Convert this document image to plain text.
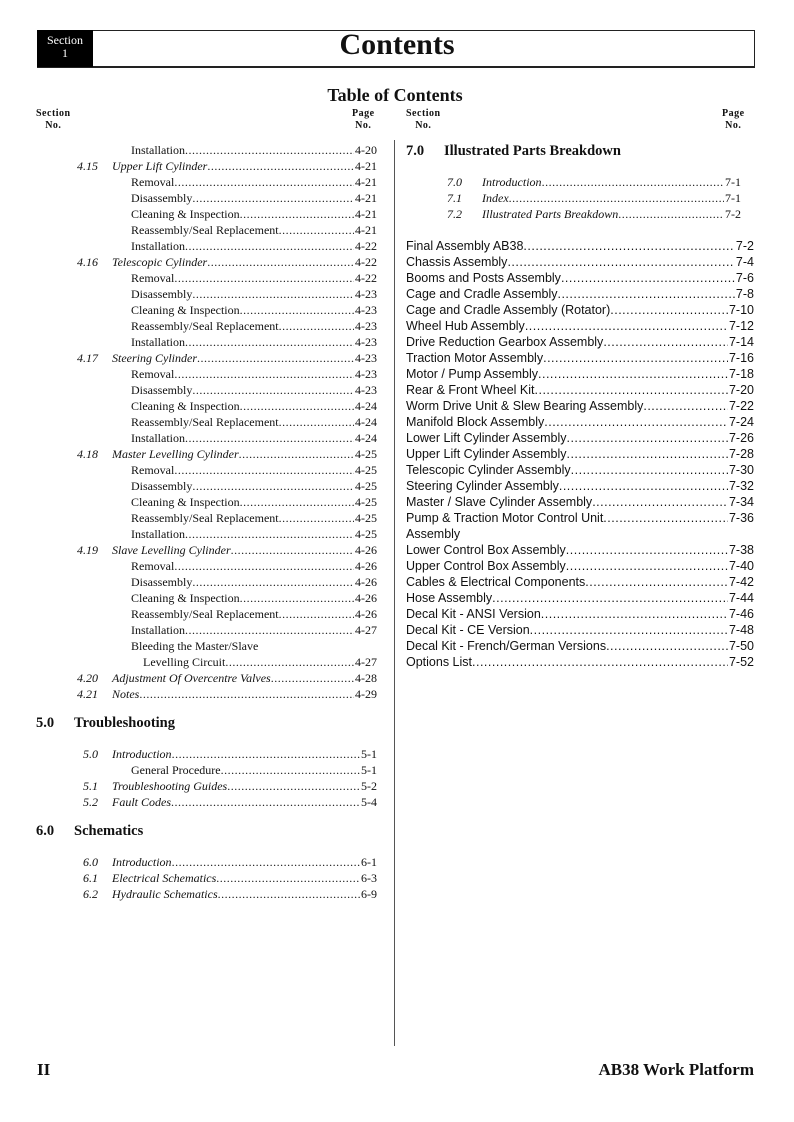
Section
1	Contents
Table of Contents
Section
No.
Page
No.
Section
No.
Page
No.
Installation .....	4-20
4.15 Upper Lift Cylinder .....	4-21
Removal .....	4-21
Disassembly .....	4-21
Cleaning & Inspection .....	4-21
Reassembly/Seal Replacement .....	4-21
Installation .....	4-22
4.16 Telescopic Cylinder .....	4-22
Removal .....	4-22
Disassembly .....	4-23
Cleaning & Inspection .....	4-23
Reassembly/Seal Replacement .....	4-23
Installation .....	4-23
4.17 Steering Cylinder .....	4-23
Removal .....	4-23
Disassembly .....	4-23
Cleaning & Inspection .....	4-24
Reassembly/Seal Replacement .....	4-24
Installation .....	4-24
4.18 Master Levelling Cylinder .....	4-25
Removal .....	4-25
Disassembly .....	4-25
Cleaning & Inspection .....	4-25
Reassembly/Seal Replacement .....	4-25
Installation .....	4-25
4.19 Slave Levelling Cylinder .....	4-26
Removal .....	4-26
Disassembly .....	4-26
Cleaning & Inspection .....	4-26
Reassembly/Seal Replacement .....	4-26
Installation .....	4-27
Bleeding the Master/Slave
Levelling Circuit .....	4-27
4.20 Adjustment Of Overcentre Valves .....	4-28
4.21 Notes .....	4-29
5.0	Troubleshooting
5.0 Introduction .....	5-1
General Procedure .....	5-1
5.1 Troubleshooting Guides .....	5-2
5.2 Fault Codes .....	5-4
6.0	Schematics
6.0 Introduction .....	6-1
6.1 Electrical Schematics .....	6-3
6.2 Hydraulic Schematics .....	6-9
7.0	Illustrated Parts Breakdown
7.0 Introduction .....	7-1
7.1 Index .....	7-1
7.2 Illustrated Parts Breakdown .....	7-2
Final Assembly AB38 .....	7-2
Chassis Assembly .....	7-4
Booms and Posts Assembly .....	7-6
Cage and Cradle Assembly .....	7-8
Cage and Cradle Assembly (Rotator) .....	7-10
Wheel Hub Assembly .....	7-12
Drive Reduction Gearbox Assembly .....	7-14
Traction Motor Assembly .....	7-16
Motor / Pump Assembly .....	7-18
Rear & Front Wheel Kit .....	7-20
Worm Drive Unit & Slew Bearing Assembly .....	7-22
Manifold Block Assembly .....	7-24
Lower Lift Cylinder Assembly .....	7-26
Upper Lift Cylinder Assembly .....	7-28
Telescopic Cylinder Assembly .....	7-30
Steering Cylinder Assembly .....	7-32
Master / Slave Cylinder Assembly .....	7-34
Pump & Traction Motor Control Unit .....	7-36
Assembly
Lower Control Box Assembly .....	7-38
Upper Control Box Assembly .....	7-40
Cables & Electrical Components .....	7-42
Hose Assembly .....	7-44
Decal Kit - ANSI Version .....	7-46
Decal Kit - CE Version .....	7-48
Decal Kit - French/German Versions .....	7-50
Options List .....	7-52
II	AB38 Work Platform
